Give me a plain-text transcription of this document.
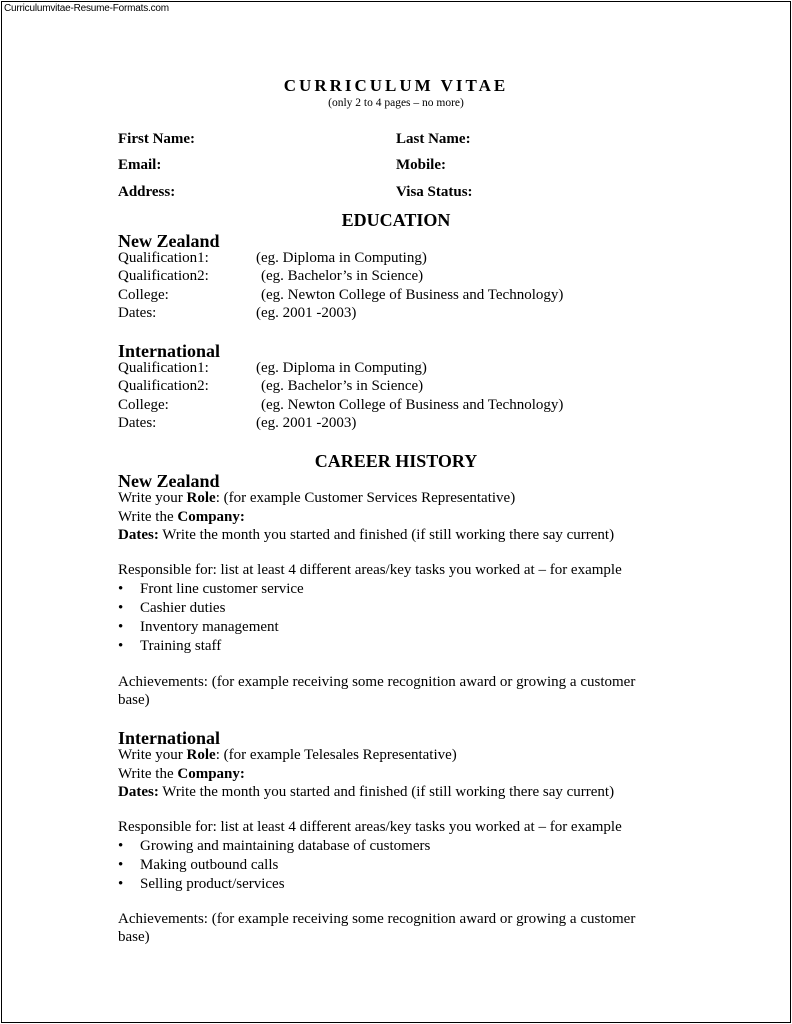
Curriculumvitae-Resume-Formats.com
CURRICULUM VITAE
(only 2 to 4 pages – no more)
First Name:	Last Name:
Email:	Mobile:
Address:	Visa Status:
EDUCATION
New Zealand
Qualification1:	(eg. Diploma in Computing)
Qualification2:	(eg. Bachelor’s in Science)
College:	(eg. Newton College of Business and Technology)
Dates:	(eg. 2001 -2003)
International
Qualification1:	(eg. Diploma in Computing)
Qualification2:	(eg. Bachelor’s in Science)
College:	(eg. Newton College of Business and Technology)
Dates:	(eg. 2001 -2003)
CAREER HISTORY
New Zealand
Write your Role: (for example Customer Services Representative)
Write the Company:
Dates: Write the month you started and finished (if still working there say current)
Responsible for: list at least 4 different areas/key tasks you worked at – for example
• Front line customer service
• Cashier duties
• Inventory management
• Training staff
Achievements: (for example receiving some recognition award or growing a customer
base)
International
Write your Role: (for example Telesales Representative)
Write the Company:
Dates: Write the month you started and finished (if still working there say current)
Responsible for: list at least 4 different areas/key tasks you worked at – for example
• Growing and maintaining database of customers
• Making outbound calls
• Selling product/services
Achievements: (for example receiving some recognition award or growing a customer
base)
